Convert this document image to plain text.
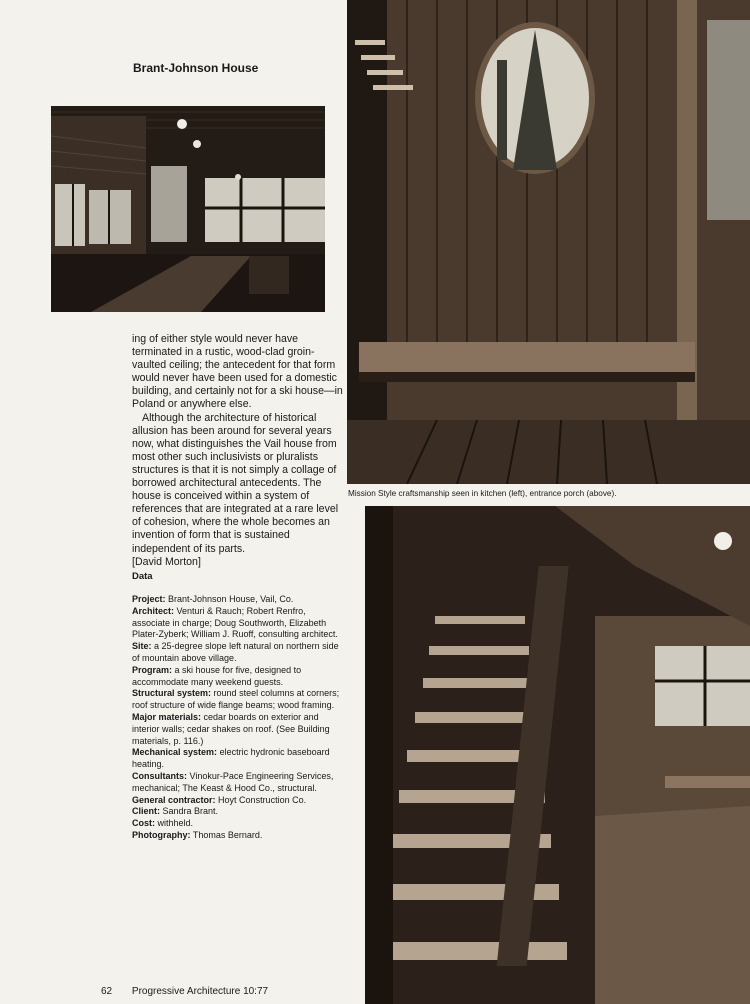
Brant-Johnson House

ing of either style would never have terminated in a rustic, wood-clad groin-vaulted ceiling; the antecedent for that form would never have been used for a domestic building, and certainly not for a ski house—in Poland or anywhere else.

Although the architecture of historical allusion has been around for several years now, what distinguishes the Vail house from most other such inclusivists or pluralists structures is that it is not simply a collage of borrowed architectural antecedents. The house is conceived within a system of references that are integrated at a rare level of cohesion, where the whole becomes an invention of form that is sustained independent of its parts.

[David Morton]

Mission Style craftsmanship seen in kitchen (left), entrance porch (above).
Data
Project: Brant-Johnson House, Vail, Co.
Architect: Venturi & Rauch; Robert Renfro, associate in charge; Doug Southworth, Elizabeth Plater-Zyberk; William J. Ruoff, consulting architect.
Site: a 25-degree slope left natural on northern side of mountain above village.
Program: a ski house for five, designed to accommodate many weekend guests.
Structural system: round steel columns at corners; roof structure of wide flange beams; wood framing.
Major materials: cedar boards on exterior and interior walls; cedar shakes on roof. (See Building materials, p. 116.)
Mechanical system: electric hydronic baseboard heating.
Consultants: Vinokur-Pace Engineering Services, mechanical; The Keast & Hood Co., structural.
General contractor: Hoyt Construction Co.
Client: Sandra Brant.
Cost: withheld.
Photography: Thomas Bernard.
62 Progressive Architecture 10:77
